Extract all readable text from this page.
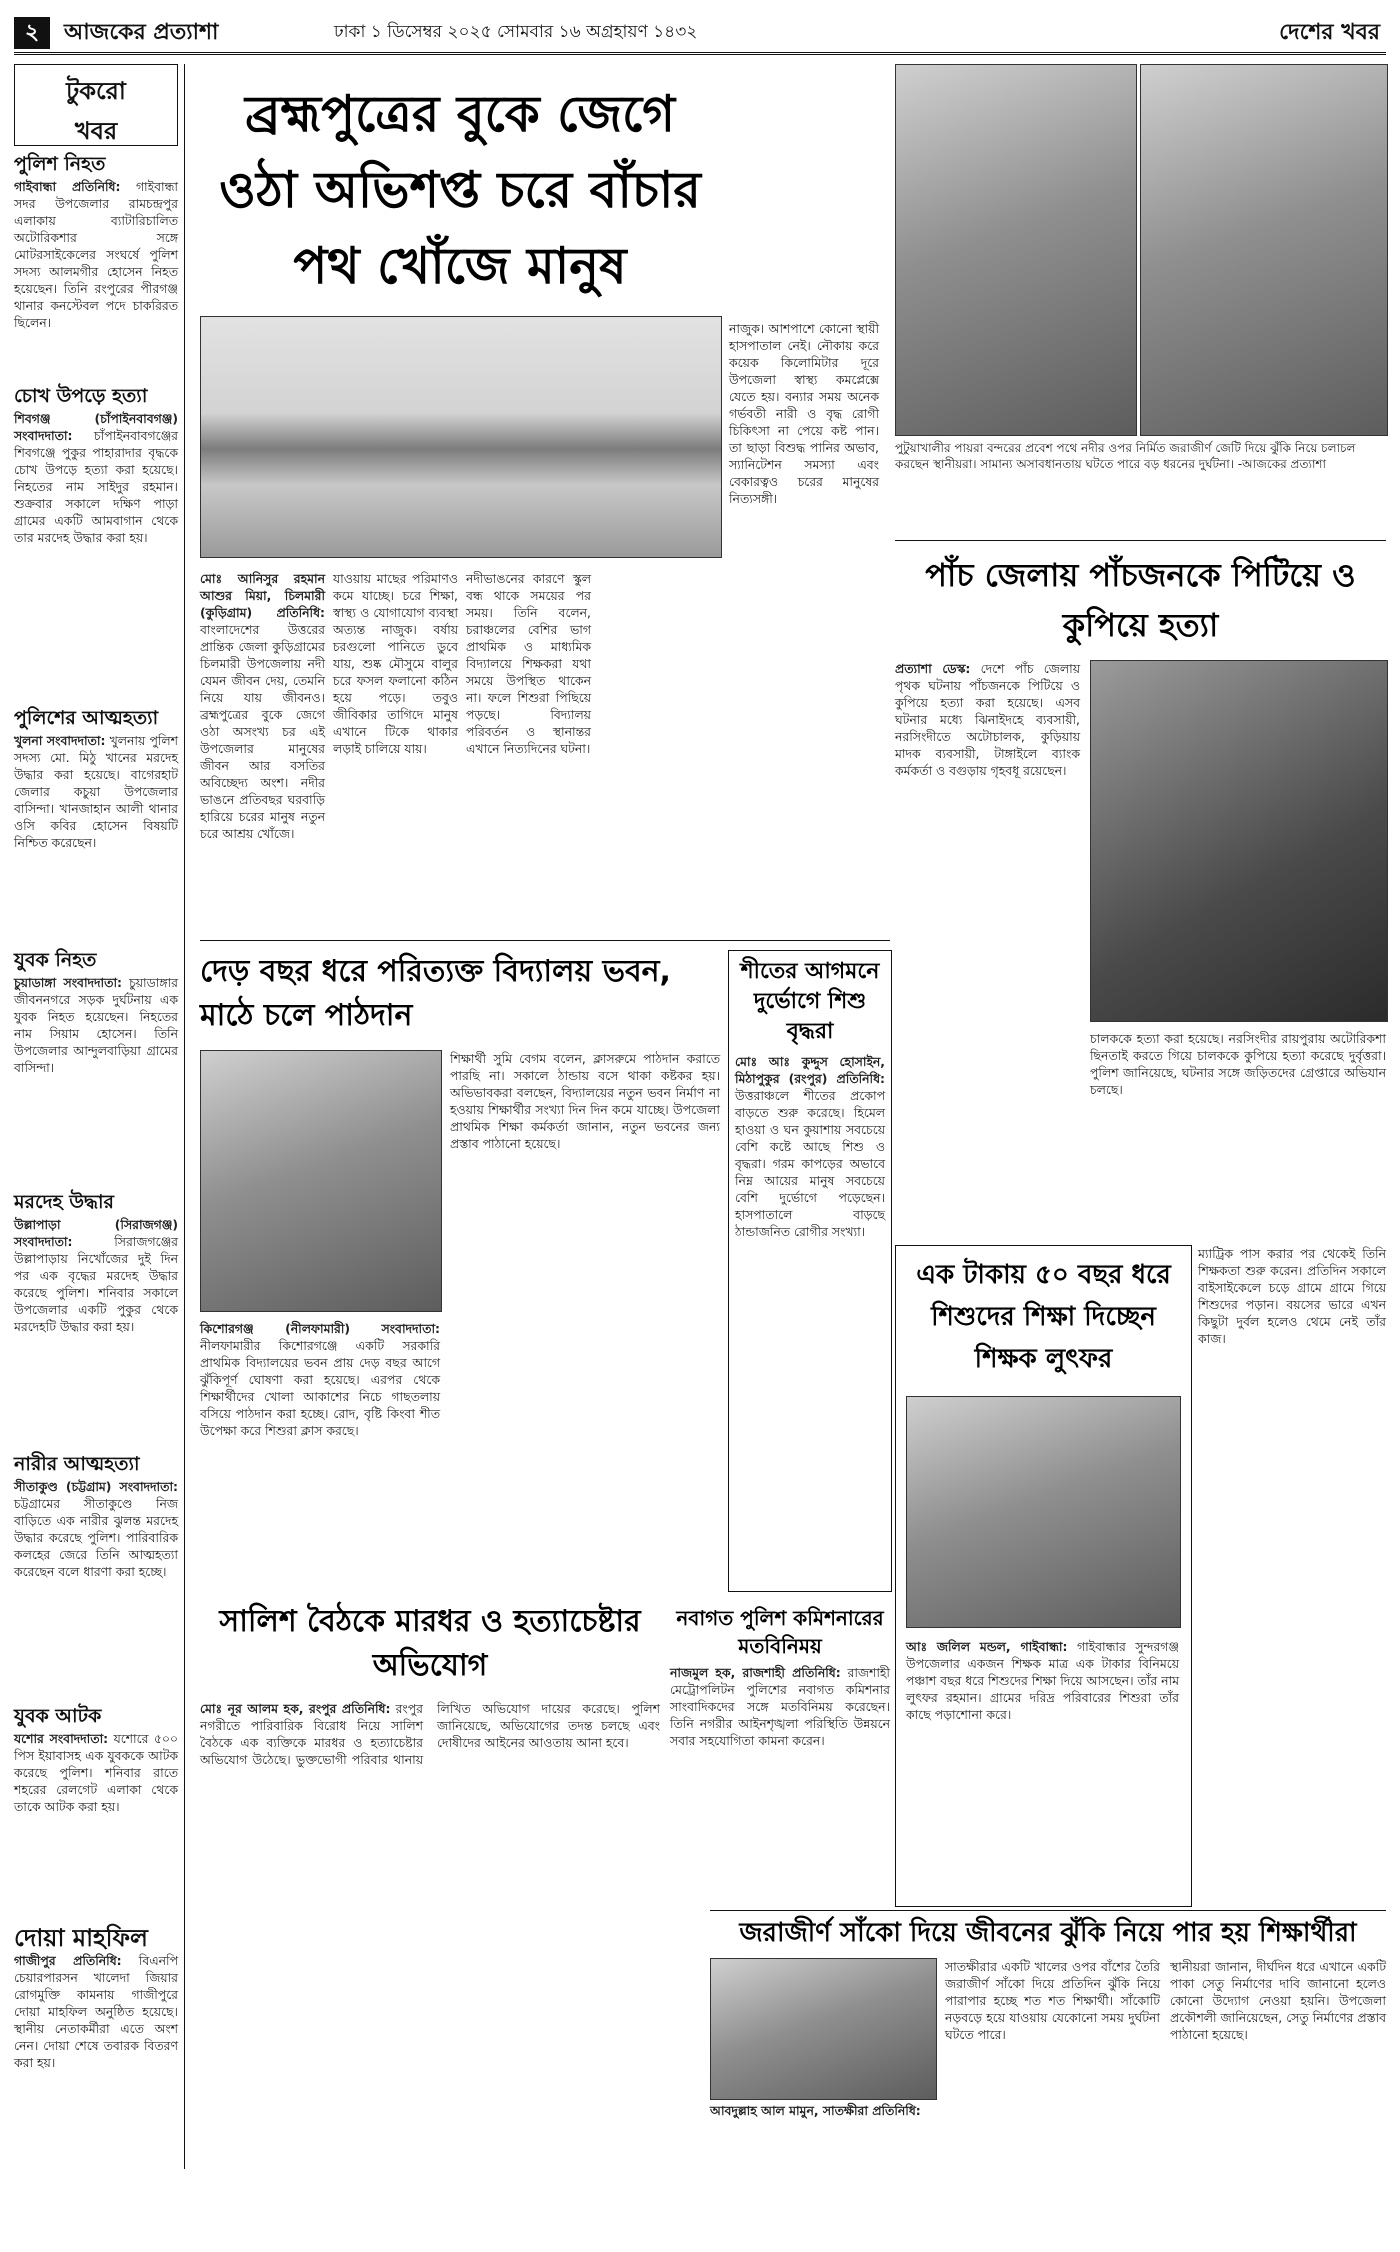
২	আজকের প্রত্যাশা	ঢাকা ১ ডিসেম্বর ২০২৫ সোমবার ১৬ অগ্রহায়ণ ১৪৩২	দেশের খবর
টুকরো
খবর
পুলিশ নিহত
গাইবান্ধা প্রতিনিধি: গাইবান্ধা সদর উপজেলার রামচন্দ্রপুর এলাকায় ব্যাটারিচালিত অটোরিকশার সঙ্গে মোটরসাইকেলের সংঘর্ষে পুলিশ সদস্য আলমগীর হোসেন নিহত হয়েছেন। তিনি রংপুরের পীরগঞ্জ থানার কনস্টেবল পদে চাকরিরত ছিলেন।
চোখ উপড়ে হত্যা
শিবগঞ্জ (চাঁপাইনবাবগঞ্জ) সংবাদদাতা: চাঁপাইনবাবগঞ্জের শিবগঞ্জে পুকুর পাহারাদার বৃদ্ধকে চোখ উপড়ে হত্যা করা হয়েছে। নিহতের নাম সাইদুর রহমান। শুক্রবার সকালে দক্ষিণ পাড়া গ্রামের একটি আমবাগান থেকে তার মরদেহ উদ্ধার করা হয়।
পুলিশের আত্মহত্যা
খুলনা সংবাদদাতা: খুলনায় পুলিশ সদস্য মো. মিঠু খানের মরদেহ উদ্ধার করা হয়েছে। বাগেরহাট জেলার কচুয়া উপজেলার বাসিন্দা। খানজাহান আলী থানার ওসি কবির হোসেন বিষয়টি নিশ্চিত করেছেন।
যুবক নিহত
চুয়াডাঙ্গা সংবাদদাতা: চুয়াডাঙ্গার জীবননগরে সড়ক দুর্ঘটনায় এক যুবক নিহত হয়েছেন। নিহতের নাম সিয়াম হোসেন। তিনি উপজেলার আন্দুলবাড়িয়া গ্রামের বাসিন্দা।
মরদেহ উদ্ধার
উল্লাপাড়া (সিরাজগঞ্জ) সংবাদদাতা:	সিরাজগঞ্জের উল্লাপাড়ায় নিখোঁজের দুই দিন পর এক বৃদ্ধের মরদেহ উদ্ধার করেছে পুলিশ। শনিবার সকালে উপজেলার একটি পুকুর থেকে মরদেহটি উদ্ধার করা হয়।
নারীর আত্মহত্যা
সীতাকুণ্ড (চট্টগ্রাম) সংবাদদাতা: চট্টগ্রামের সীতাকুণ্ডে নিজ বাড়িতে এক নারীর ঝুলন্ত মরদেহ উদ্ধার করেছে পুলিশ। পারিবারিক কলহের জেরে তিনি আত্মহত্যা করেছেন বলে ধারণা করা হচ্ছে।
যুবক আটক
যশোর সংবাদদাতা: যশোরে ৫০০ পিস ইয়াবাসহ এক যুবককে আটক করেছে পুলিশ। শনিবার রাতে শহরের রেলগেট এলাকা থেকে তাকে আটক করা হয়।
দোয়া মাহফিল
গাজীপুর প্রতিনিধি: বিএনপি চেয়ারপারসন খালেদা জিয়ার রোগমুক্তি কামনায় গাজীপুরে দোয়া মাহফিল অনুষ্ঠিত হয়েছে। স্থানীয় নেতাকর্মীরা এতে অংশ নেন। দোয়া শেষে তবারক বিতরণ করা হয়।
ব্রহ্মপুত্রের বুকে জেগে ওঠা অভিশপ্ত চরে বাঁচার পথ খোঁজে মানুষ
মোঃ আনিসুর রহমান আশুর মিয়া, চিলমারী (কুড়িগ্রাম) প্রতিনিধি: বাংলাদেশের উত্তরের প্রান্তিক জেলা কুড়িগ্রামের চিলমারী উপজেলায় নদী যেমন জীবন দেয়, তেমনি নিয়ে যায় জীবনও। ব্রহ্মপুত্রের বুকে জেগে ওঠা অসংখ্য চর এই উপজেলার মানুষের জীবন আর বসতির অবিচ্ছেদ্য অংশ। নদীর ভাঙনে প্রতিবছর ঘরবাড়ি হারিয়ে চরের মানুষ নতুন চরে আশ্রয় খোঁজে।
যাওয়ায় মাছের পরিমাণও কমে যাচ্ছে। চরে শিক্ষা, স্বাস্থ্য ও যোগাযোগ ব্যবস্থা অত্যন্ত নাজুক। বর্ষায় চরগুলো পানিতে ডুবে যায়, শুষ্ক মৌসুমে বালুর চরে ফসল ফলানো কঠিন হয়ে পড়ে। তবুও জীবিকার তাগিদে মানুষ এখানে টিকে থাকার লড়াই চালিয়ে যায়।
নদীভাঙনের কারণে স্কুল বন্ধ থাকে সময়ের পর সময়। তিনি বলেন, চরাঞ্চলের বেশির ভাগ প্রাথমিক ও মাধ্যমিক বিদ্যালয়ে শিক্ষকরা যথা সময়ে উপস্থিত থাকেন না। ফলে শিশুরা পিছিয়ে পড়ছে। বিদ্যালয় পরিবর্তন ও স্থানান্তর এখানে নিত্যদিনের ঘটনা।
নাজুক। আশপাশে কোনো স্থায়ী হাসপাতাল নেই। নৌকায় করে কয়েক কিলোমিটার দূরে উপজেলা স্বাস্থ্য কমপ্লেক্সে যেতে হয়। বন্যার সময় অনেক গর্ভবতী নারী ও বৃদ্ধ রোগী চিকিৎসা না পেয়ে কষ্ট পান। তা ছাড়া বিশুদ্ধ পানির অভাব, স্যানিটেশন সমস্যা এবং বেকারত্বও চরের মানুষের নিত্যসঙ্গী।
দেড় বছর ধরে পরিত্যক্ত বিদ্যালয় ভবন, মাঠে চলে পাঠদান
কিশোরগঞ্জ (নীলফামারী) সংবাদদাতা: নীলফামারীর কিশোরগঞ্জে একটি সরকারি প্রাথমিক বিদ্যালয়ের ভবন প্রায় দেড় বছর আগে ঝুঁকিপূর্ণ ঘোষণা করা হয়েছে। এরপর থেকে শিক্ষার্থীদের খোলা আকাশের নিচে গাছতলায় বসিয়ে পাঠদান করা হচ্ছে। রোদ, বৃষ্টি কিংবা শীত উপেক্ষা করে শিশুরা ক্লাস করছে।
শিক্ষার্থী সুমি বেগম বলেন, ক্লাসরুমে পাঠদান করাতে পারছি না। সকালে ঠান্ডায় বসে থাকা কষ্টকর হয়। অভিভাবকরা বলছেন, বিদ্যালয়ের নতুন ভবন নির্মাণ না হওয়ায় শিক্ষার্থীর সংখ্যা দিন দিন কমে যাচ্ছে। উপজেলা প্রাথমিক শিক্ষা কর্মকর্তা জানান, নতুন ভবনের জন্য প্রস্তাব পাঠানো হয়েছে।
শীতের আগমনে দুর্ভোগে শিশু বৃদ্ধরা
মোঃ আঃ কুদ্দুস হোসাইন, মিঠাপুকুর (রংপুর) প্রতিনিধি: উত্তরাঞ্চলে শীতের প্রকোপ বাড়তে শুরু করেছে। হিমেল হাওয়া ও ঘন কুয়াশায় সবচেয়ে বেশি কষ্টে আছে শিশু ও বৃদ্ধরা। গরম কাপড়ের অভাবে নিম্ন আয়ের মানুষ সবচেয়ে বেশি দুর্ভোগে পড়েছেন। হাসপাতালে বাড়ছে ঠান্ডাজনিত রোগীর সংখ্যা।
সালিশ বৈঠকে মারধর ও হত্যাচেষ্টার অভিযোগ
মোঃ নূর আলম হক, রংপুর প্রতিনিধি: রংপুর নগরীতে পারিবারিক বিরোধ নিয়ে সালিশ বৈঠকে এক ব্যক্তিকে মারধর ও হত্যাচেষ্টার অভিযোগ উঠেছে। ভুক্তভোগী পরিবার থানায় লিখিত অভিযোগ দায়ের করেছে। পুলিশ জানিয়েছে, অভিযোগের তদন্ত চলছে এবং দোষীদের আইনের আওতায় আনা হবে।
নবাগত পুলিশ কমিশনারের মতবিনিময়
নাজমুল হক, রাজশাহী প্রতিনিধি: রাজশাহী মেট্রোপলিটন পুলিশের নবাগত কমিশনার সাংবাদিকদের সঙ্গে মতবিনিময় করেছেন। তিনি নগরীর আইনশৃঙ্খলা পরিস্থিতি উন্নয়নে সবার সহযোগিতা কামনা করেন।
পুটুয়াখালীর পায়রা বন্দরের প্রবেশ পথে নদীর ওপর নির্মিত জরাজীর্ণ জেটি দিয়ে ঝুঁকি নিয়ে চলাচল করছেন স্থানীয়রা। সামান্য অসাবধানতায় ঘটতে পারে বড় ধরনের দুর্ঘটনা। -আজকের প্রত্যাশা
পাঁচ জেলায় পাঁচজনকে পিটিয়ে ও কুপিয়ে হত্যা
প্রত্যাশা ডেস্ক: দেশে পাঁচ জেলায় পৃথক ঘটনায় পাঁচজনকে পিটিয়ে ও কুপিয়ে হত্যা করা হয়েছে। এসব ঘটনার মধ্যে ঝিনাইদহে ব্যবসায়ী, নরসিংদীতে অটোচালক, কুড়িয়ায় মাদক ব্যবসায়ী, টাঙ্গাইলে ব্যাংক কর্মকর্তা ও বগুড়ায় গৃহবধূ রয়েছেন।
চালককে হত্যা করা হয়েছে। নরসিংদীর রায়পুরায় অটোরিকশা ছিনতাই করতে গিয়ে চালককে কুপিয়ে হত্যা করেছে দুর্বৃত্তরা। পুলিশ জানিয়েছে, ঘটনার সঙ্গে জড়িতদের গ্রেপ্তারে অভিযান চলছে।
এক টাকায় ৫০ বছর ধরে শিশুদের শিক্ষা দিচ্ছেন শিক্ষক লুৎফর
আঃ জলিল মন্ডল, গাইবান্ধা: গাইবান্ধার সুন্দরগঞ্জ উপজেলার একজন শিক্ষক মাত্র এক টাকার বিনিময়ে পঞ্চাশ বছর ধরে শিশুদের শিক্ষা দিয়ে আসছেন। তাঁর নাম লুৎফর রহমান। গ্রামের দরিদ্র পরিবারের শিশুরা তাঁর কাছে পড়াশোনা করে।
ম্যাট্রিক পাস করার পর থেকেই তিনি শিক্ষকতা শুরু করেন। প্রতিদিন সকালে বাইসাইকেলে চড়ে গ্রামে গ্রামে গিয়ে শিশুদের পড়ান। বয়সের ভারে এখন কিছুটা দুর্বল হলেও থেমে নেই তাঁর কাজ।
জরাজীর্ণ সাঁকো দিয়ে জীবনের ঝুঁকি নিয়ে পার হয় শিক্ষার্থীরা
আবদুল্লাহ আল মামুন, সাতক্ষীরা প্রতিনিধি:
সাতক্ষীরার একটি খালের ওপর বাঁশের তৈরি জরাজীর্ণ সাঁকো দিয়ে প্রতিদিন ঝুঁকি নিয়ে পারাপার হচ্ছে শত শত শিক্ষার্থী। সাঁকোটি নড়বড়ে হয়ে যাওয়ায় যেকোনো সময় দুর্ঘটনা ঘটতে পারে।
স্থানীয়রা জানান, দীর্ঘদিন ধরে এখানে একটি পাকা সেতু নির্মাণের দাবি জানানো হলেও কোনো উদ্যোগ নেওয়া হয়নি। উপজেলা প্রকৌশলী জানিয়েছেন, সেতু নির্মাণের প্রস্তাব পাঠানো হয়েছে।
